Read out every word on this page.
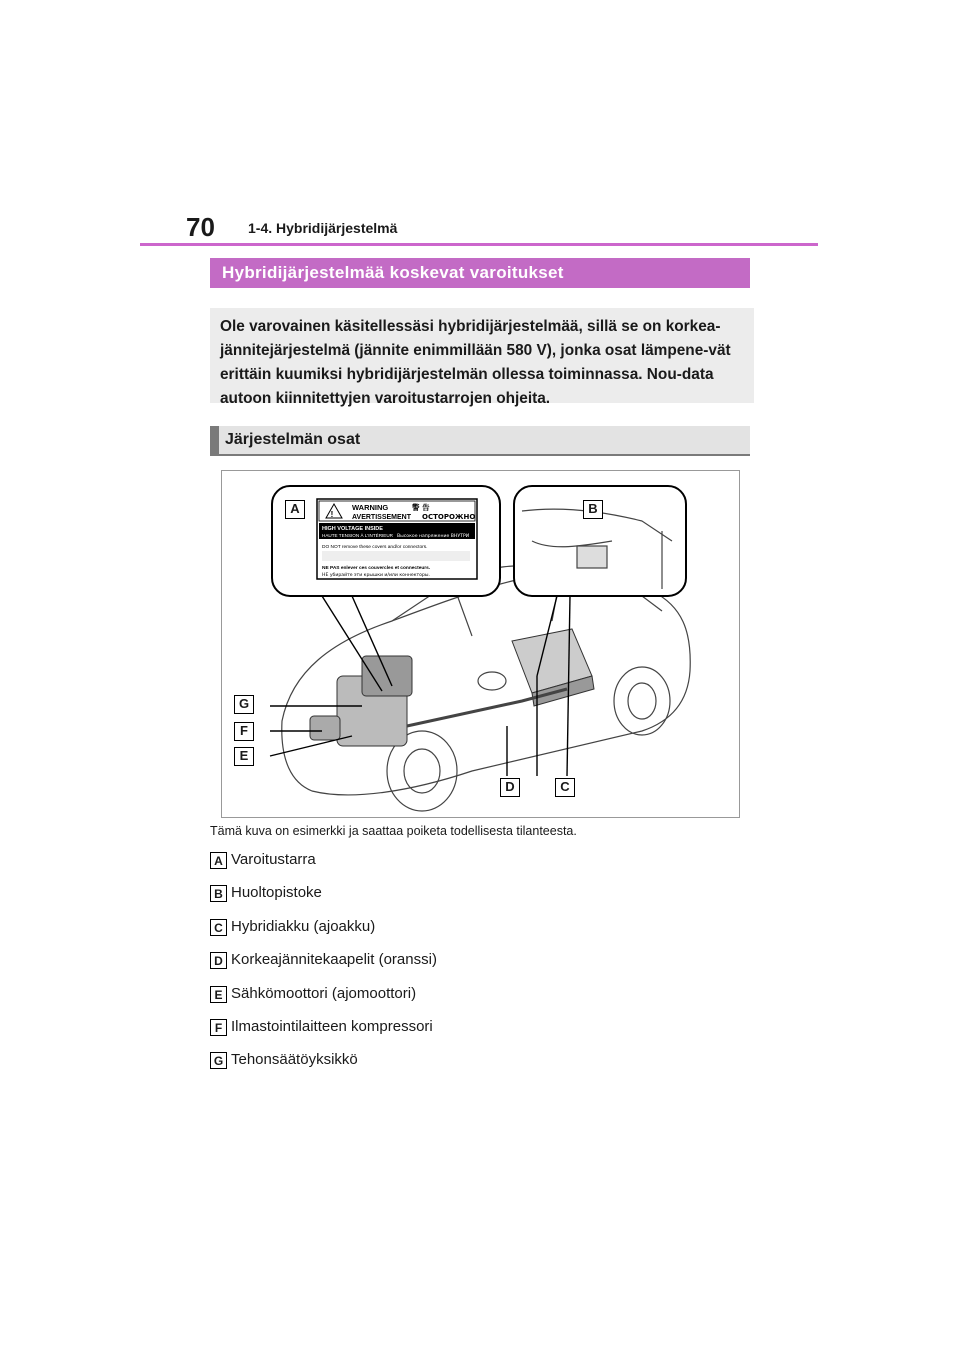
70 1-4. Hybridijärjestelmä
Hybridijärjestelmää koskevat varoitukset
Ole varovainen käsitellessäsi hybridijärjestelmää, sillä se on korkea-jännitejärjestelmä (jännite enimmillään 580 V), jonka osat lämpene-vät erittäin kuumiksi hybridijärjestelmän ollessa toiminnassa. Nou-data autoon kiinnitettyjen varoitustarrojen ohjeita.
Järjestelmän osat
!
WARNING	警 告
AVERTISSEMENT ОСТОРОЖНО
HIGH VOLTAGE INSIDE
HAUTE TENSION À L'INTÉRIEUR Высокое напряжение ВНУТРИ
DO NOT remove these covers and/or connectors.
NE PAS enlever ces couvercles et connecteurs.
НЕ убирайте эти крышки и/или коннекторы.
A	B
C
D
E
F
G
Tämä kuva on esimerkki ja saattaa poiketa todellisesta tilanteesta.
A Varoitustarra
B Huoltopistoke
C Hybridiakku (ajoakku)
D Korkeajännitekaapelit (oranssi)
E Sähkömoottori (ajomoottori)
F Ilmastointilaitteen kompressori
G Tehonsäätöyksikkö
